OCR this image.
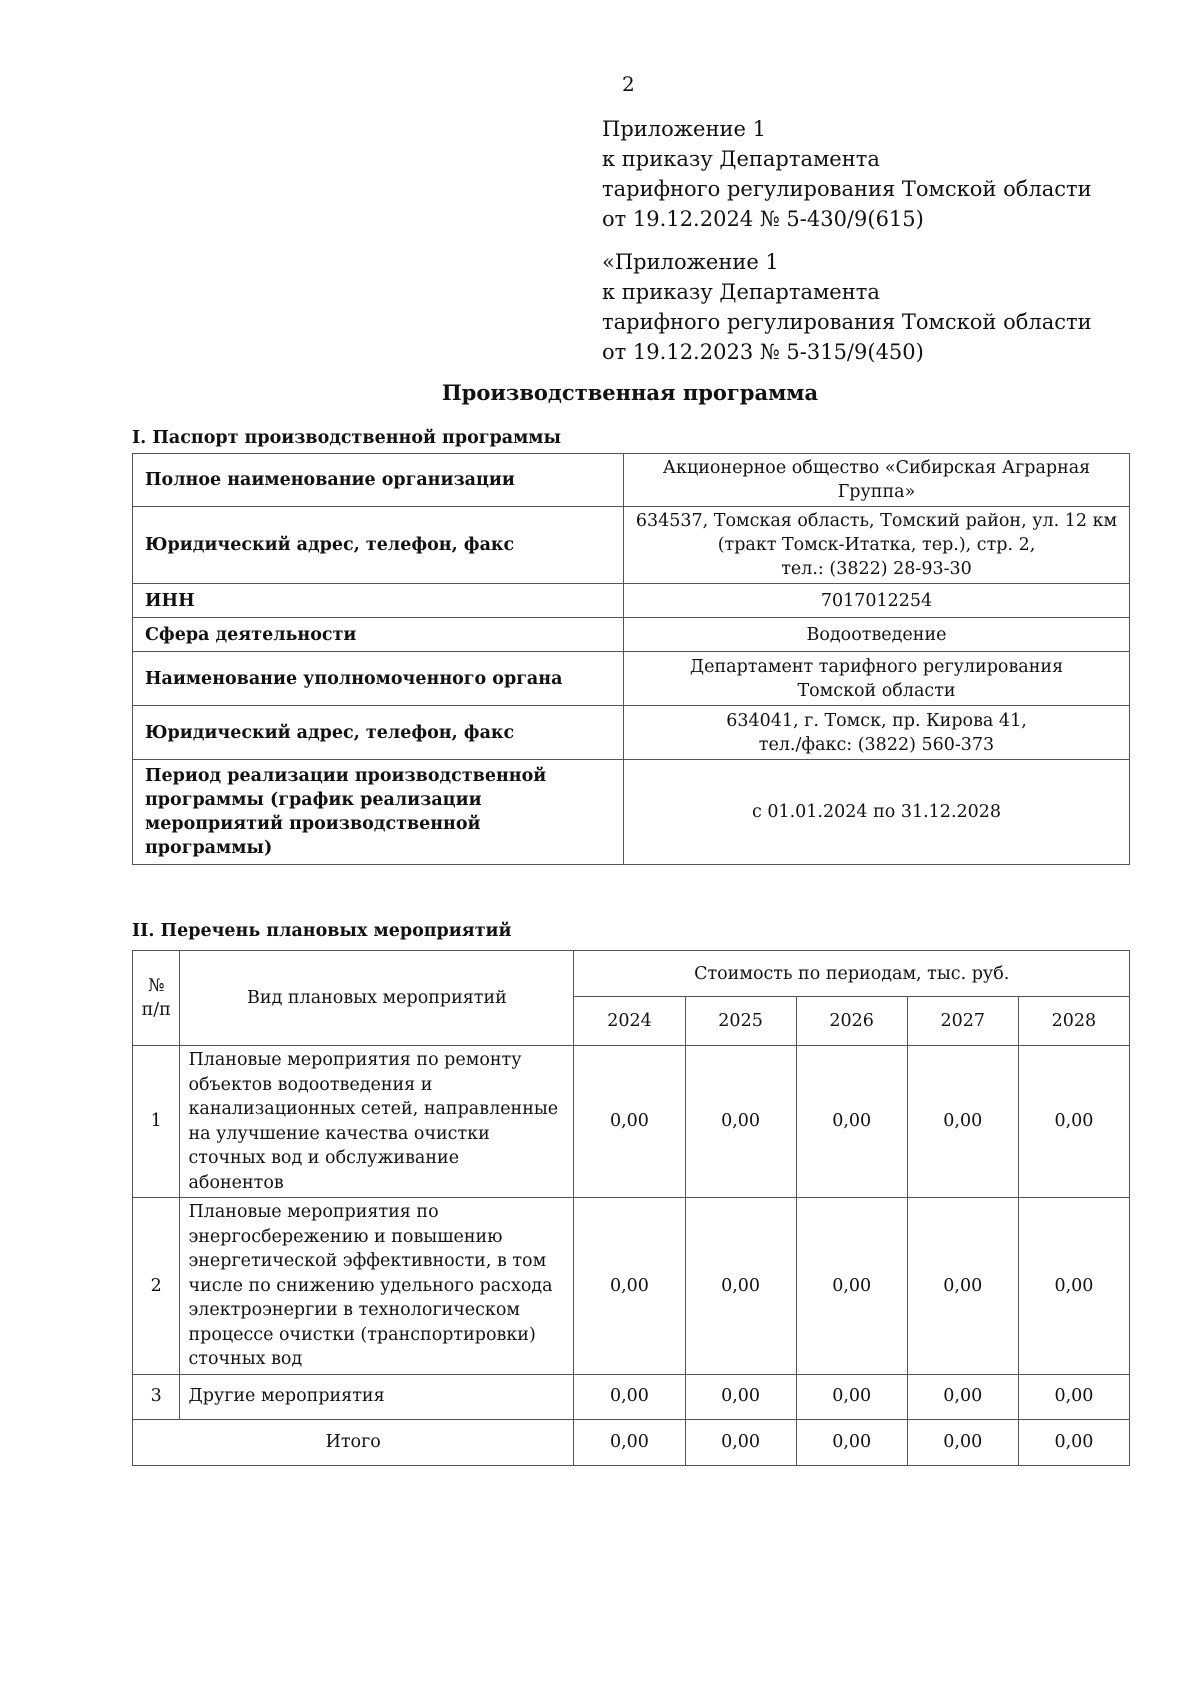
2
Приложение 1
к приказу Департамента
тарифного регулирования Томской области
от 19.12.2024 № 5-430/9(615)
«Приложение 1
к приказу Департамента
тарифного регулирования Томской области
от 19.12.2023 № 5-315/9(450)
Производственная программа
I. Паспорт производственной программы
Полное наименование организации	Акционерное общество «Сибирская Аграрная
Группа»
Юридический адрес, телефон, факс	634537, Томская область, Томский район, ул. 12 км
(тракт Томск-Итатка, тер.), стр. 2,
тел.: (3822) 28-93-30
ИНН	7017012254
Сфера деятельности	Водоотведение
Наименование уполномоченного органа	Департамент тарифного регулирования
Томской области
Юридический адрес, телефон, факс	634041, г. Томск, пр. Кирова 41,
тел./факс: (3822) 560-373
Период реализации производственной
программы (график реализации
мероприятий производственной
программы)	с 01.01.2024 по 31.12.2028
II. Перечень плановых мероприятий
№
п/п	Вид плановых мероприятий	Стоимость по периодам, тыс. руб.				
		2024	2025	2026	2027	2028
1	Плановые мероприятия по ремонту
объектов водоотведения и
канализационных сетей, направленные
на улучшение качества очистки
сточных вод и обслуживание
абонентов	0,00	0,00	0,00	0,00	0,00
2	Плановые мероприятия по
энергосбережению и повышению
энергетической эффективности, в том
числе по снижению удельного расхода
электроэнергии в технологическом
процессе очистки (транспортировки)
сточных вод	0,00	0,00	0,00	0,00	0,00
3	Другие мероприятия	0,00	0,00	0,00	0,00	0,00
Итого		0,00	0,00	0,00	0,00	0,00
